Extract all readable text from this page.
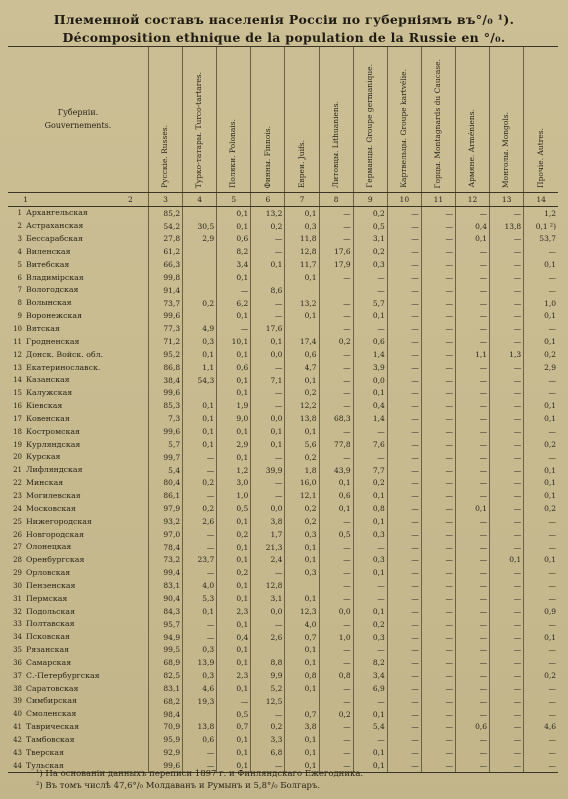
Племенной составъ населенія Россіи по губерніямъ въ°/₀ ¹).
Décomposition ethnique de la population de la Russie en °/₀.
Губерніи.
Gouvernements.	Русскіе. Russes.	Турко-татары. Turco-tartares.	Поляки. Polonais.	Финны. Finnois.	Евреи. Juifs.	Литовцы. Lithuaniens.	Германцы. Groupe germanique.	Картвельцы. Groupe kartvélie.	Горцы. Montagnards du Caucase.	Армяне. Arméniens.	Монголы. Mongols.	Прочіе. Autres.

1 2	3	4	5	6	7	8	9	10	11	12	13	14
1 Архангельская	85,2		0,1	13,2	0,1	—	0,2	—	—	—	—	1,2
2 Астраханская	54,2	30,5	0,1	0,2	0,3	—	0,5	—	—	0,4	13,8	0,1 ²)
3 Бессарабская	27,8	2,9	0,6	—	11,8	—	3,1	—	—	0,1	—	53,7
4 Виленская	61,2		8,2	—	12,8	17,6	0,2	—	—	—	—	—
5 Витебская	66,3		3,4	0,1	11,7	17,9	0,3	—	—	—	—	0,1
6 Владимірская	99,8		0,1		0,1	—	—	—	—	—	—	—
7 Вологодская	91,4		—	8,6			—	—	—	—	—	—
8 Волынская	73,7	0,2	6,2	—	13,2	—	5,7	—	—	—	—	1,0
9 Воронежская	99,6		0,1	—	0,1	—	0,1	—	—	—	—	0,1
10 Вятская	77,3	4,9	—	17,6		—	—	—	—	—	—	—
11 Гродненская	71,2	0,3	10,1	0,1	17,4	0,2	0,6	—	—	—	—	0,1
12 Донск. Войск. обл.	95,2	0,1	0,1	0,0	0,6	—	1,4	—	—	1,1	1,3	0,2
13 Екатеринославск.	86,8	1,1	0,6	—	4,7	—	3,9	—	—	—	—	2,9
14 Казанская	38,4	54,3	0,1	7,1	0,1	—	0,0	—	—	—	—	—
15 Калужская	99,6		0,1	—	0,2	—	0,1	—	—	—	—	—
16 Кіевская	85,3	0,1	1,9	—	12,2	—	0,4	—	—	—	—	0,1
17 Ковенская	7,3	0,1	9,0	0,0	13,8	68,3	1,4	—	—	—	—	0,1
18 Костромская	99,6	0,1	0,1	0,1	0,1	—	—	—	—	—	—	—
19 Курляндская	5,7	0,1	2,9	0,1	5,6	77,8	7,6	—	—	—	—	0,2
20 Курская	99,7	—	0,1	—	0,2	—	—	—	—	—	—	—
21 Лифляндская	5,4	—	1,2	39,9	1,8	43,9	7,7	—	—	—	—	0,1
22 Минская	80,4	0,2	3,0	—	16,0	0,1	0,2	—	—	—	—	0,1
23 Могилевская	86,1	—	1,0	—	12,1	0,6	0,1	—	—	—	—	0,1
24 Московская	97,9	0,2	0,5	0,0	0,2	0,1	0,8	—	—	0,1	—	0,2
25 Нижегородская	93,2	2,6	0,1	3,8	0,2	—	0,1	—	—	—	—	—
26 Новгородская	97,0	—	0,2	1,7	0,3	0,5	0,3	—	—	—	—	—
27 Олонецкая	78,4	—	0,1	21,3	0,1	—	—	—	—	—	—	—
28 Оренбургская	73,2	23,7	0,1	2,4	0,1	—	0,3	—	—	—	0,1	0,1
29 Орловская	99,4	—	0,2	—	0,3	—	0,1	—	—	—	—	—
30 Пензенская	83,1	4,0	0,1	12,8		—	—	—	—	—	—	—
31 Пермская	90,4	5,3	0,1	3,1	0,1	—	—	—	—	—	—	—
32 Подольская	84,3	0,1	2,3	0,0	12,3	0,0	0,1	—	—	—	—	0,9
33 Полтавская	95,7	—	0,1	—	4,0	—	0,2	—	—	—	—	—
34 Псковская	94,9	—	0,4	2,6	0,7	1,0	0,3	—	—	—	—	0,1
35 Рязанская	99,5	0,3	0,1		0,1	—	—	—	—	—	—	—
36 Самарская	68,9	13,9	0,1	8,8	0,1	—	8,2	—	—	—	—	—
37 С.-Петербургская	82,5	0,3	2,3	9,9	0,8	0,8	3,4	—	—	—	—	0,2
38 Саратовская	83,1	4,6	0,1	5,2	0,1	—	6,9	—	—	—	—	—
39 Симбирская	68,2	19,3	—	12,5		—	—	—	—	—	—	—
40 Смоленская	98,4		0,5	—	0,7	0,2	0,1	—	—	—	—	—
41 Таврическая	70,9	13,8	0,7	0,2	3,8	—	5,4	—	—	0,6	—	4,6
42 Тамбовская	95,9	0,6	0,1	3,3	0,1	—	—	—	—	—	—	—
43 Тверская	92,9	—	0,1	6,8	0,1	—	0,1	—	—	—	—	—
44 Тульская	99,6	—	0,1	—	0,1	—	0,1	—	—	—	—	—
¹) На основаніи данныхъ переписи 1897 г. и Финляндскаго Ежегодника.
²) Въ томъ числѣ 47,6°/₀ Молдаванъ и Румынъ и 5,8°/₀ Болгаръ.
